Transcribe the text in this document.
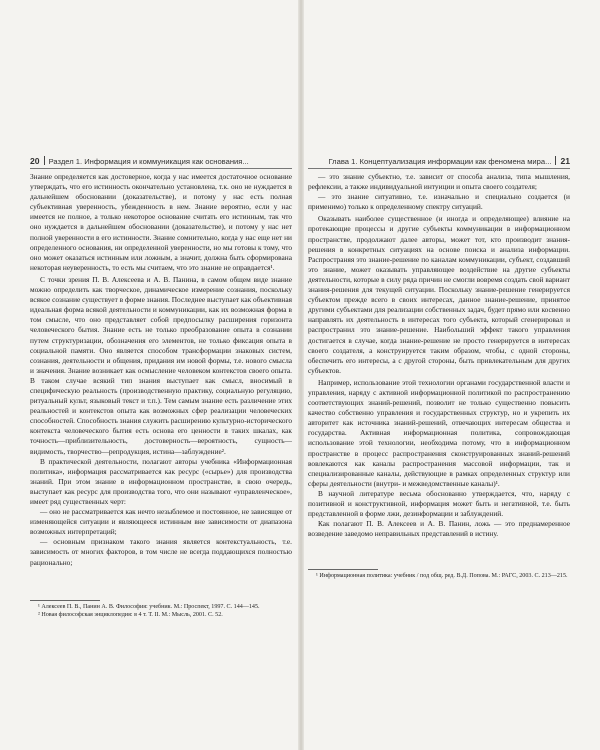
20 Раздел 1. Информация и коммуникация как основания...

Знание определяется как достоверное, когда у нас имеется достаточное основание утверждать, что его истинность окончательно установлена, т.к. оно не нуждается в дальнейшем обосновании (доказательстве), и потому у нас есть полная субъективная уверенность, убежденность в нем. Знание вероятно, если у нас имеется не полное, а только некоторое основание считать его истинным, так что оно нуждается в дальнейшем обосновании (доказательстве), и потому у нас нет полной уверенности в его истинности. Знание сомнительно, когда у нас еще нет ни определенного основания, ни определенной уверенности, но мы готовы к тому, что оно может оказаться истинным или ложным, а значит, должна быть сформирована некоторая неуверенность, то есть мы считаем, что это знание не оправдается¹.

С точки зрения П. В. Алексеева и А. В. Панина, в самом общем виде знание можно определить как творческое, динамическое измерение сознания, поскольку всякое сознание существует в форме знания. Последнее выступает как объективная идеальная форма всякой деятельности и коммуникации, как их возможная форма в том смысле, что оно представляет собой предпосылку расширения горизонта человеческого бытия. Знание есть не только преобразование опыта в сознании путем структуризации, обозначения его элементов, не только фиксация опыта в социальной памяти. Оно является способом трансформации знаковых систем, сознания, деятельности и общения, придания им новой формы, т.е. нового смысла и значения. Знание возникает как осмысление человеком контекстов своего опыта. В таком случае всякий тип знания выступает как смысл, вносимый в специфическую реальность (производственную практику, социальную регуляцию, ритуальный культ, языковый текст и т.п.). Тем самым знание есть различение этих реальностей и контекстов опыта как возможных сфер реализации человеческих способностей. Способность знания служить расширению культурно-исторического контекста человеческого бытия есть основа его ценности в таких шкалах, как точность—приблизительность, достоверность—вероятность, сущность—видимость, творчество—репродукция, истина—заблуждение².

В практической деятельности, полагают авторы учебника «Информационная политика», информация рассматривается как ресурс («сырье») для производства знаний. При этом знание в информационном пространстве, в свою очередь, выступает как ресурс для производства того, что они называют «управленческое», имеет ряд существенных черт:

— оно не рассматривается как нечто незыблемое и постоянное, не зависящее от изменяющейся ситуации и являющееся истинным вне зависимости от диапазона возможных интерпретаций;

— основным признаком такого знания является контекстуальность, т.е. зависимость от многих факторов, в том числе не всегда поддающихся полностью рационально;

¹ Алексеев П. В., Панин А. В. Философия: учебник. М.: Проспект, 1997. С. 144—145.
² Новая философская энциклопедия: в 4 т. Т. II. М.: Мысль, 2001. С. 52.
Глава 1. Концептуализация информации как феномена мира... 21

— это знание субъектно, т.е. зависит от способа анализа, типа мышления, рефлексии, а также индивидуальной интуиции и опыта своего создателя;

— это знание ситуативно, т.е. изначально и специально создается (и применимо) только к определенному спектру ситуаций.

Оказывать наиболее существенное (и иногда и определяющее) влияние на протекающие процессы и другие субъекты коммуникации в информационном пространстве, продолжают далее авторы, может тот, кто производит знания-решения в конкретных ситуациях на основе поиска и анализа информации. Распространяя это знание-решение по каналам коммуникации, субъект, создавший это знание, может оказывать управляющее воздействие на другие субъекты деятельности, которые в силу ряда причин не смогли вовремя создать свой вариант знания-решения для текущей ситуации. Поскольку знание-решение генерируется субъектом прежде всего в своих интересах, данное знание-решение, принятое другими субъектами для реализации собственных задач, будет прямо или косвенно направлять их деятельность в интересах того субъекта, который сгенерировал и распространил это знание-решение. Наибольший эффект такого управления достигается в случае, когда знание-решение не просто генерируется в интересах своего создателя, а конструируется таким образом, чтобы, с одной стороны, обеспечить его интересы, а с другой стороны, быть привлекательным для других субъектов.

Например, использование этой технологии органами государственной власти и управления, наряду с активной информационной политикой по распространению соответствующих знаний-решений, позволит не только существенно повысить качество собственно управления и государственных структур, но и укрепить их авторитет как источника знаний-решений, отвечающих интересам общества и государства. Активная информационная политика, сопровождающая использование этой технологии, необходима потому, что в информационном пространстве в процесс распространения сконструированных знаний-решений вовлекаются как каналы распространения массовой информации, так и специализированные каналы, действующие в рамках определенных структур или сферы деятельности (внутри- и межведомственные каналы)¹.

В научной литературе весьма обоснованно утверждается, что, наряду с позитивной и конструктивной, информация может быть и негативной, т.е. быть представленной в форме лжи, дезинформации и заблуждений.

Как полагают П. В. Алексеев и А. В. Панин, ложь — это преднамеренное возведение заведомо неправильных представлений в истину.

¹ Информационная политика: учебник / под общ. ред. В.Д. Попова. М.: РАГС, 2003. С. 213—215.
